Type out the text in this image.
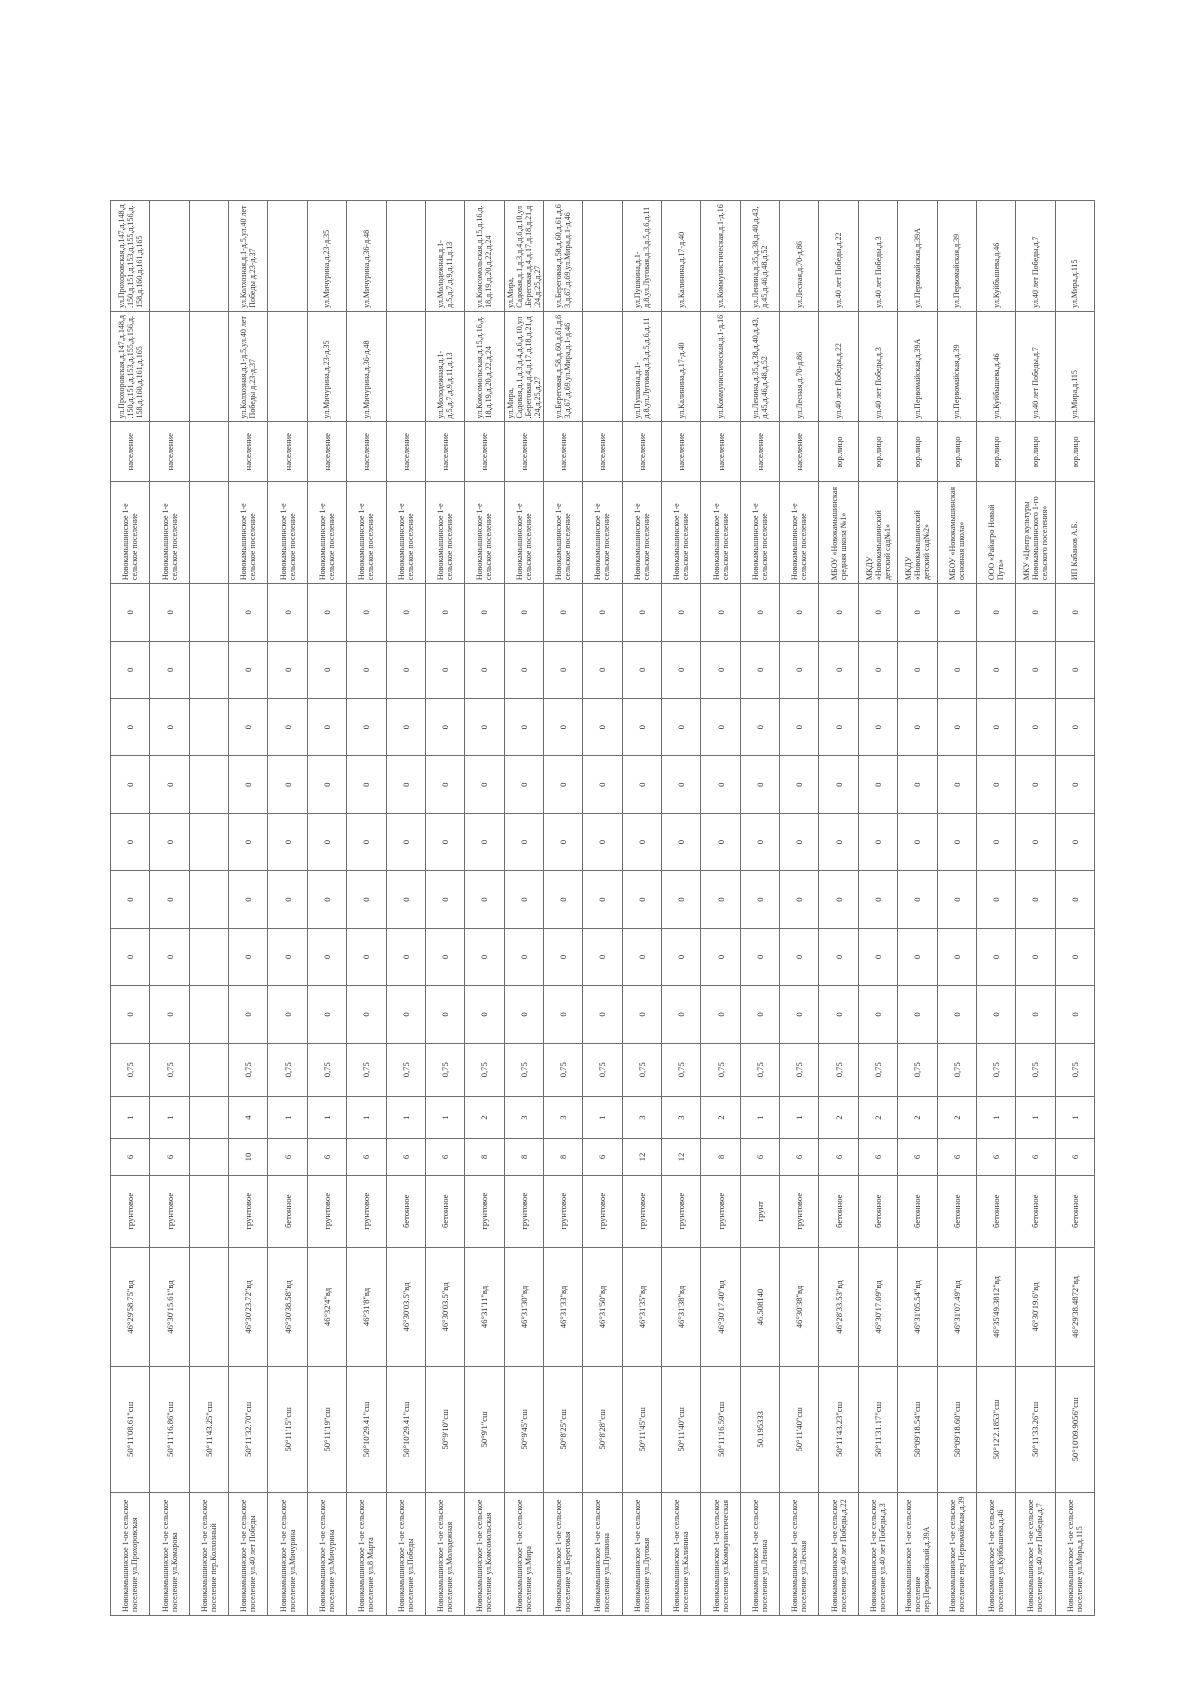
Новокамышинское 1-ое сельское поселение ул.Прохоровская	50°11'08.61"сш	46°29'58.75"вд	грунтовое	6	1	0,75	0	0	0	0	0	0	0	0	Новокамышинское 1-е сельское поселение	население	ул.Прохоровская,д.147,д.148,д.150,д.151,д.153,д.155,д.156,д.158,д.160,д.161,д.165	ул.Прохоровская,д.147,д.148,д.150,д.151,д.153,д.155,д.156,д.158,д.160,д.161,д.165
Новокамышинское 1-ое сельское поселение ул.Комарова	50°11'16.86"сш	46°30'15.61"вд	грунтовое	6	1	0,75	0	0	0	0	0	0	0	0	Новокамышинское 1-е сельское поселение	население		
Новокамышинское 1-ое сельское поселение пер.Колхозный	50°11'43.25"сш																	
Новокамышинское 1-ое сельское поселение ул.40 лет Победы	50°11'32.70"сш	46°30'23.72"вд	грунтовое	10	4	0,75	0	0	0	0	0	0	0	0	Новокамышинское 1-е сельское поселение	население	ул.Колхозная,д.1-д.5,ул.40 лет Победы д.23-д.37	ул.Колхозная,д.1-д.5,ул.40 лет Победы д.23-д.37
Новокамышинское 1-ое сельское поселение ул.Мичурина	50°11'15"сш	46°30'38.58"вд	бетонное	6	1	0,75	0	0	0	0	0	0	0	0	Новокамышинское 1-е сельское поселение	население		
Новокамышинское 1-ое сельское поселение ул.Мичурина	50°11'19"сш	46°32'4"вд	грунтовое	6	1	0,75	0	0	0	0	0	0	0	0	Новокамышинское 1-е сельское поселение	население	ул.Мичурина,д.23-д.35	ул.Мичурина,д.23-д.35
Новокамышинское 1-ое сельское поселение ул.8 Марта	50°10'29.41"сш	46°31'8"вд	грунтовое	6	1	0,75	0	0	0	0	0	0	0	0	Новокамышинское 1-е сельское поселение	население	ул.Мичурина,д.36-д.48	ул.Мичурина,д.36-д.48
Новокамышинское 1-ое сельское поселение ул.Победы	50°10'29.41"сш	46°30'03.5"вд	бетонное	6	1	0,75	0	0	0	0	0	0	0	0	Новокамышинское 1-е сельское поселение	население		
Новокамышинское 1-ое сельское поселение ул.Молодежная	50°9'10"сш	46°30'03.5"вд	бетонное	6	1	0,75	0	0	0	0	0	0	0	0	Новокамышинское 1-е сельское поселение	население	ул.Молодежная,д.1-д.5,д.7,д.9,д.11,д.13	ул.Молодежная,д.1-д.5,д.7,д.9,д.11,д.13
Новокамышинское 1-ое сельское поселение ул.Комсомольская	50°9'1"сш	46°31'11"вд	грунтовое	8	2	0,75	0	0	0	0	0	0	0	0	Новокамышинское 1-е сельское поселение	население	ул.Комсомольская,д.15,д.16,д.18,д.19,д.20,д.22,д.24	ул.Комсомольская,д.15,д.16,д.18,д.19,д.20,д.22,д.24
Новокамышинское 1-ое сельское поселение ул.Мира	50°9'45"сш	46°31'30"вд	грунтовое	8	3	0,75	0	0	0	0	0	0	0	0	Новокамышинское 1-е сельское поселение	население	ул.Мира, Садовая,д.1,д.3,д.4,д.6,д.10,ул.Береговая,д.4,д.17,д.18,д.21,д.24,д.25,д.27	ул.Мира, Садовая,д.1,д.3,д.4,д.6,д.10,ул.Береговая,д.4,д.17,д.18,д.21,д.24,д.25,д.27
Новокамышинское 1-ое сельское поселение ул.Береговая	50°8'25"сш	46°31'33"вд	грунтовое	8	3	0,75	0	0	0	0	0	0	0	0	Новокамышинское 1-е сельское поселение	население	ул.Береговая,д.58,д.60,д.61,д.63,д.67,д.69,ул.Мира,д.1-д.46	ул.Береговая,д.58,д.60,д.61,д.63,д.67,д.69,ул.Мира,д.1-д.46
Новокамышинское 1-ое сельское поселение ул.Пушкина	50°8'28"сш	46°31'50"вд	грунтовое	6	1	0,75	0	0	0	0	0	0	0	0	Новокамышинское 1-е сельское поселение	население		
Новокамышинское 1-ое сельское поселение ул.Луговая	50°11'45"сш	46°31'35"вд	грунтовое	12	3	0,75	0	0	0	0	0	0	0	0	Новокамышинское 1-е сельское поселение	население	ул.Пушкина,д.1-д.8,ул.Луговая,д.3,д.5,д.6,д.11	ул.Пушкина,д.1-д.8,ул.Луговая,д.3,д.5,д.6,д.11
Новокамышинское 1-ое сельское поселение ул.Калинина	50°11'40"сш	46°31'38"вд	грунтовое	12	3	0,75	0	0	0	0	0	0	0	0	Новокамышинское 1-е сельское поселение	население	ул.Калинина,д.17-д.40	ул.Калинина,д.17-д.40
Новокамышинское 1-ое сельское поселение ул.Коммунистическая	50°11'16.59"сш	46°30'17.40"вд	грунтовое	8	2	0,75	0	0	0	0	0	0	0	0	Новокамышинское 1-е сельское поселение	население	ул.Коммунистическая,д.1-д.16	ул.Коммунистическая,д.1-д.16
Новокамышинское 1-ое сельское поселение ул.Ленина	50.195333	46.508140	грунт	6	1	0,75	0	0	0	0	0	0	0	0	Новокамышинское 1-е сельское поселение	население	ул.Ленина,д.35,д.38,д.40,д.43,д.45,д.46,д.48,д.52	ул.Ленина,д.35,д.38,д.40,д.43,д.45,д.46,д.48,д.52
Новокамышинское 1-ое сельское поселение ул.Лесная	50°11'40"сш	46°30'38"вд	грунтовое	6	1	0,75	0	0	0	0	0	0	0	0	Новокамышинское 1-е сельское поселение	население	ул.Лесная,д.70-д.86	ул.Лесная,д.70-д.86
Новокамышинское 1-ое сельское поселение ул.40 лет Победы,д.22	50°11'43.23"сш	46°28'33.53"вд	бетонное	6	2	0,75	0	0	0	0	0	0	0	0	МБОУ «Новокамышинская средняя школа №1»	юр.лицо	ул.40 лет Победы,д.22	ул.40 лет Победы,д.22
Новокамышинское 1-ое сельское поселение ул.40 лет Победы,д.3	50°11'31.17"сш	46°30'17.09"вд	бетонное	6	2	0,75	0	0	0	0	0	0	0	0	МКДУ «Новокамышинский детский сад№1»	юр.лицо	ул.40 лет Победы,д.3	ул.40 лет Победы,д.3
Новокамышинское 1-ое сельское поселение пер.Первомайский,д.39А	50°09'18.54"сш	46°31'05.54"вд	бетонное	6	2	0,75	0	0	0	0	0	0	0	0	МКДУ «Новокамышинский детский сад№2»	юр.лицо	ул.Первомайская,д.39А	ул.Первомайская,д.39А
Новокамышинское 1-ое сельское поселение пер.Первомайская,д.39	50°09'18.60"сш	46°31'07.49"вд	бетонное	6	2	0,75	0	0	0	0	0	0	0	0	МБОУ «Новокамышинская основная школа»	юр.лицо	ул.Первомайская,д.39	ул.Первомайская,д.39
Новокамышинское 1-ое сельское поселение ул.Куйбышева,д.46	50°12'2.1853"сш	46°35'49.3812"вд	бетонное	6	1	0,75	0	0	0	0	0	0	0	0	ООО «Райагро Новый Путь»	юр.лицо	ул.Куйбышева,д.46	ул.Куйбышева,д.46
Новокамышинское 1-ое сельское поселение ул.40 лет Победы,д.7	50°11'33.26"сш	46°30'19.6"вд	бетонное	6	1	0,75	0	0	0	0	0	0	0	0	МКУ «Центр культуры Новокамышинского 1-го сельского поселения»	юр.лицо	ул.40 лет Победы,д.7	ул.40 лет Победы,д.7
Новокамышинское 1-ое сельское поселение ул.Мира,д.115	50°10'09.9056"сш	46°29'38.4872"вд	бетонное	6	1	0,75	0	0	0	0	0	0	0	0	ИП Кабанов А.Б.	юр.лицо	ул.Мира,д.115	ул.Мира,д.115
